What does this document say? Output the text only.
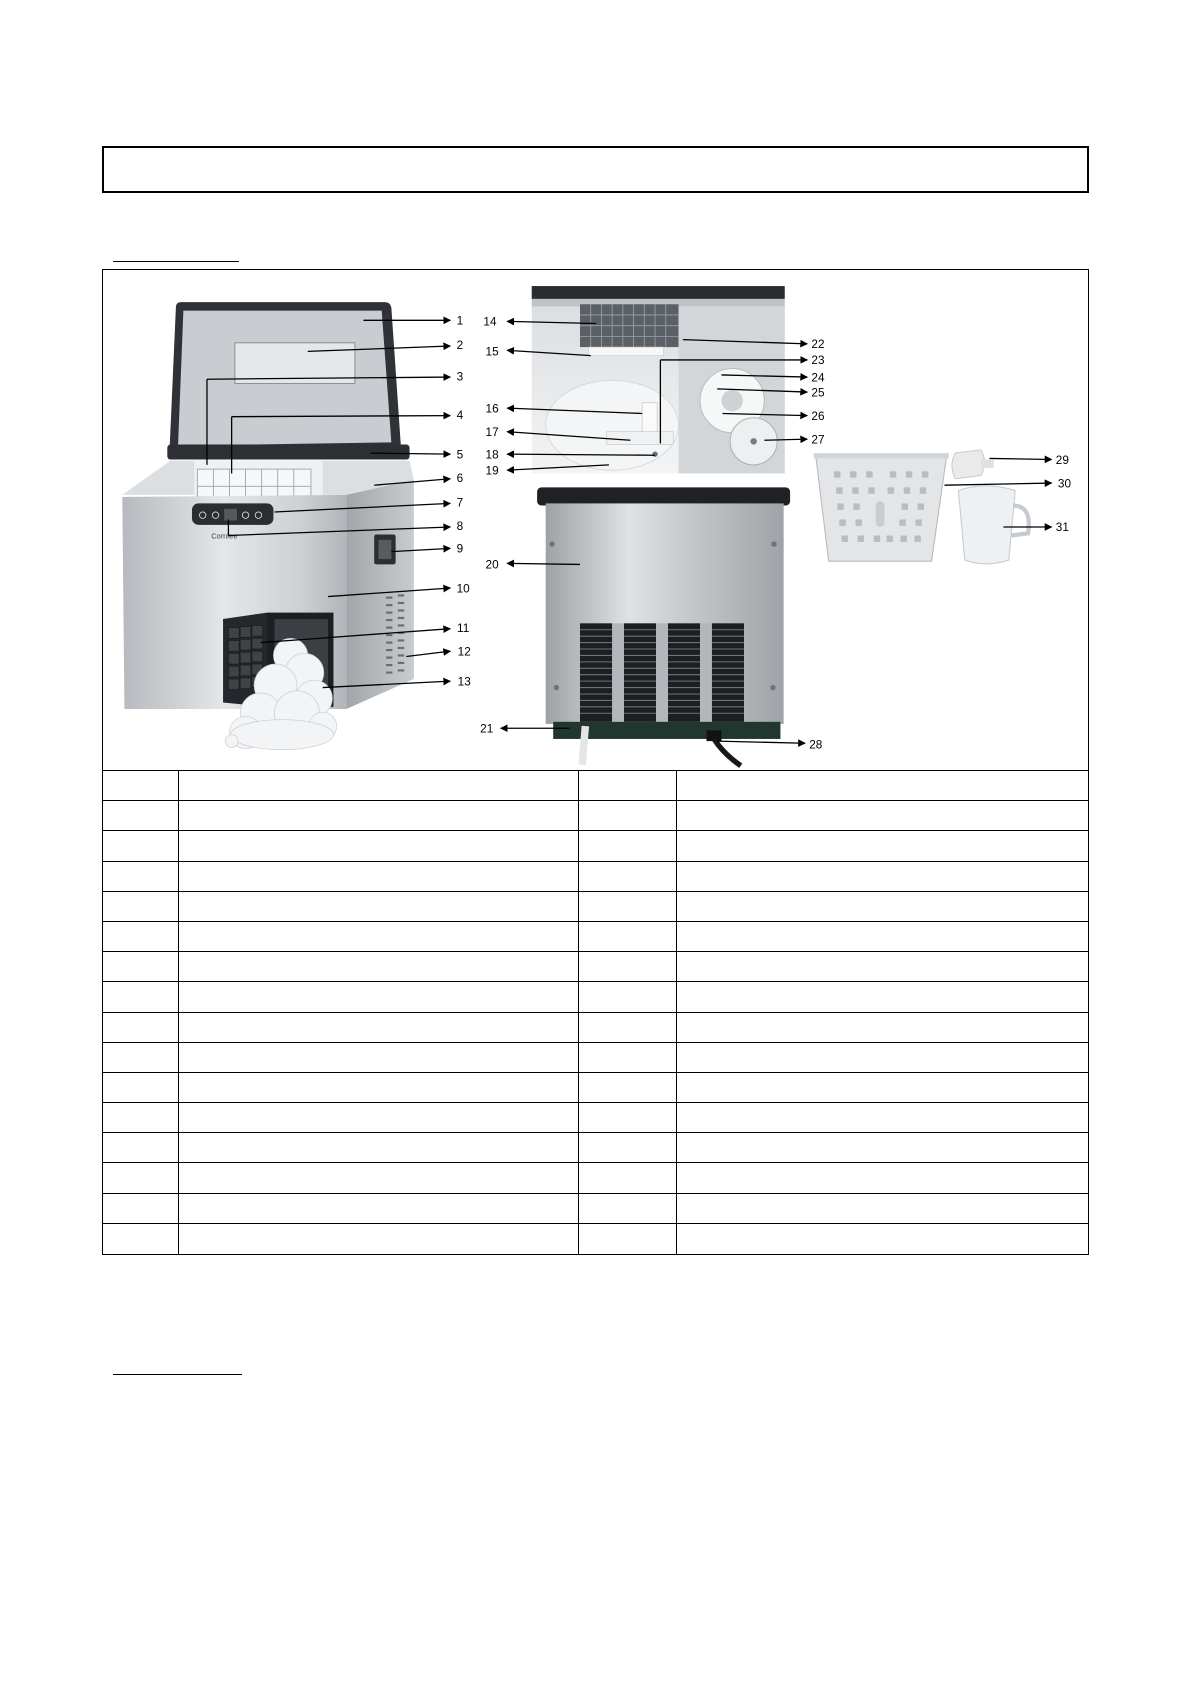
Comfee
1
2
3
4
5
6
7
8
9
10
11
12
13
14
15
16
17
18
19
20
21
22
23
24
25
26
27
28
29
30
31
